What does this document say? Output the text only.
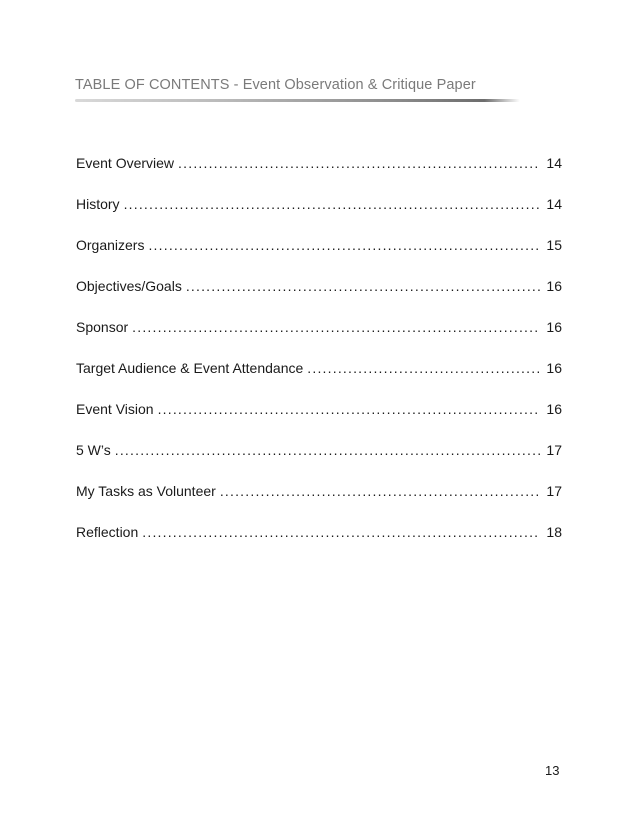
TABLE OF CONTENTS - Event Observation & Critique Paper
Event Overview .....	14
History .....	14
Organizers .....	15
Objectives/Goals .....	16
Sponsor .....	16
Target Audience & Event Attendance .....	16
Event Vision .....	16
5 W’s .....	17
My Tasks as Volunteer .....	17
Reflection .....	18
13
